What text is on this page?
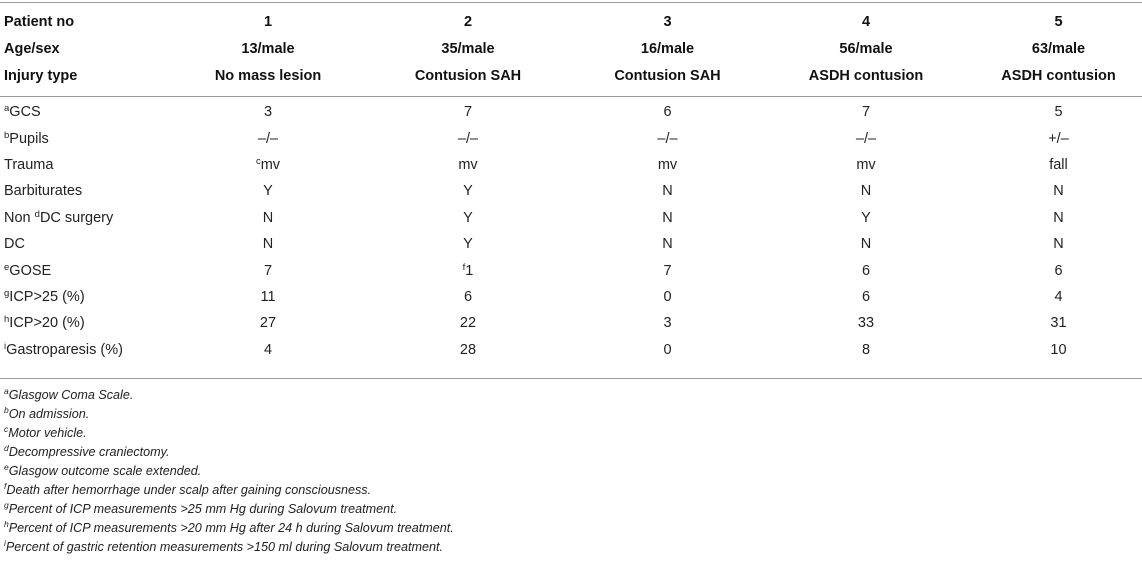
Patient no	1	2	3	4	5
Age/sex	13/male	35/male	16/male	56/male	63/male
Injury type	No mass lesion	Contusion SAH	Contusion SAH	ASDH contusion	ASDH contusion

$^a$GCS	3	7	6	7	5
$^b$Pupils	–/–	–/–	–/–	–/–	+/–
Trauma	$^c$mv	mv	mv	mv	fall
Barbiturates	Y	Y	N	N	N
Non $^d$DC surgery	N	Y	N	Y	N
DC	N	Y	N	N	N
$^e$GOSE	7	$^f$1	7	6	6
$^g$ICP>25 (%)	11	6	0	6	4
$^h$ICP>20 (%)	27	22	3	33	31
$^i$Gastroparesis (%)	4	28	0	8	10
$^a$Glasgow Coma Scale.
$^b$On admission.
$^c$Motor vehicle.
$^d$Decompressive craniectomy.
$^e$Glasgow outcome scale extended.
$^f$Death after hemorrhage under scalp after gaining consciousness.
$^g$Percent of ICP measurements >25 mm Hg during Salovum treatment.
$^h$Percent of ICP measurements >20 mm Hg after 24 h during Salovum treatment.
$^i$Percent of gastric retention measurements >150 ml during Salovum treatment.
